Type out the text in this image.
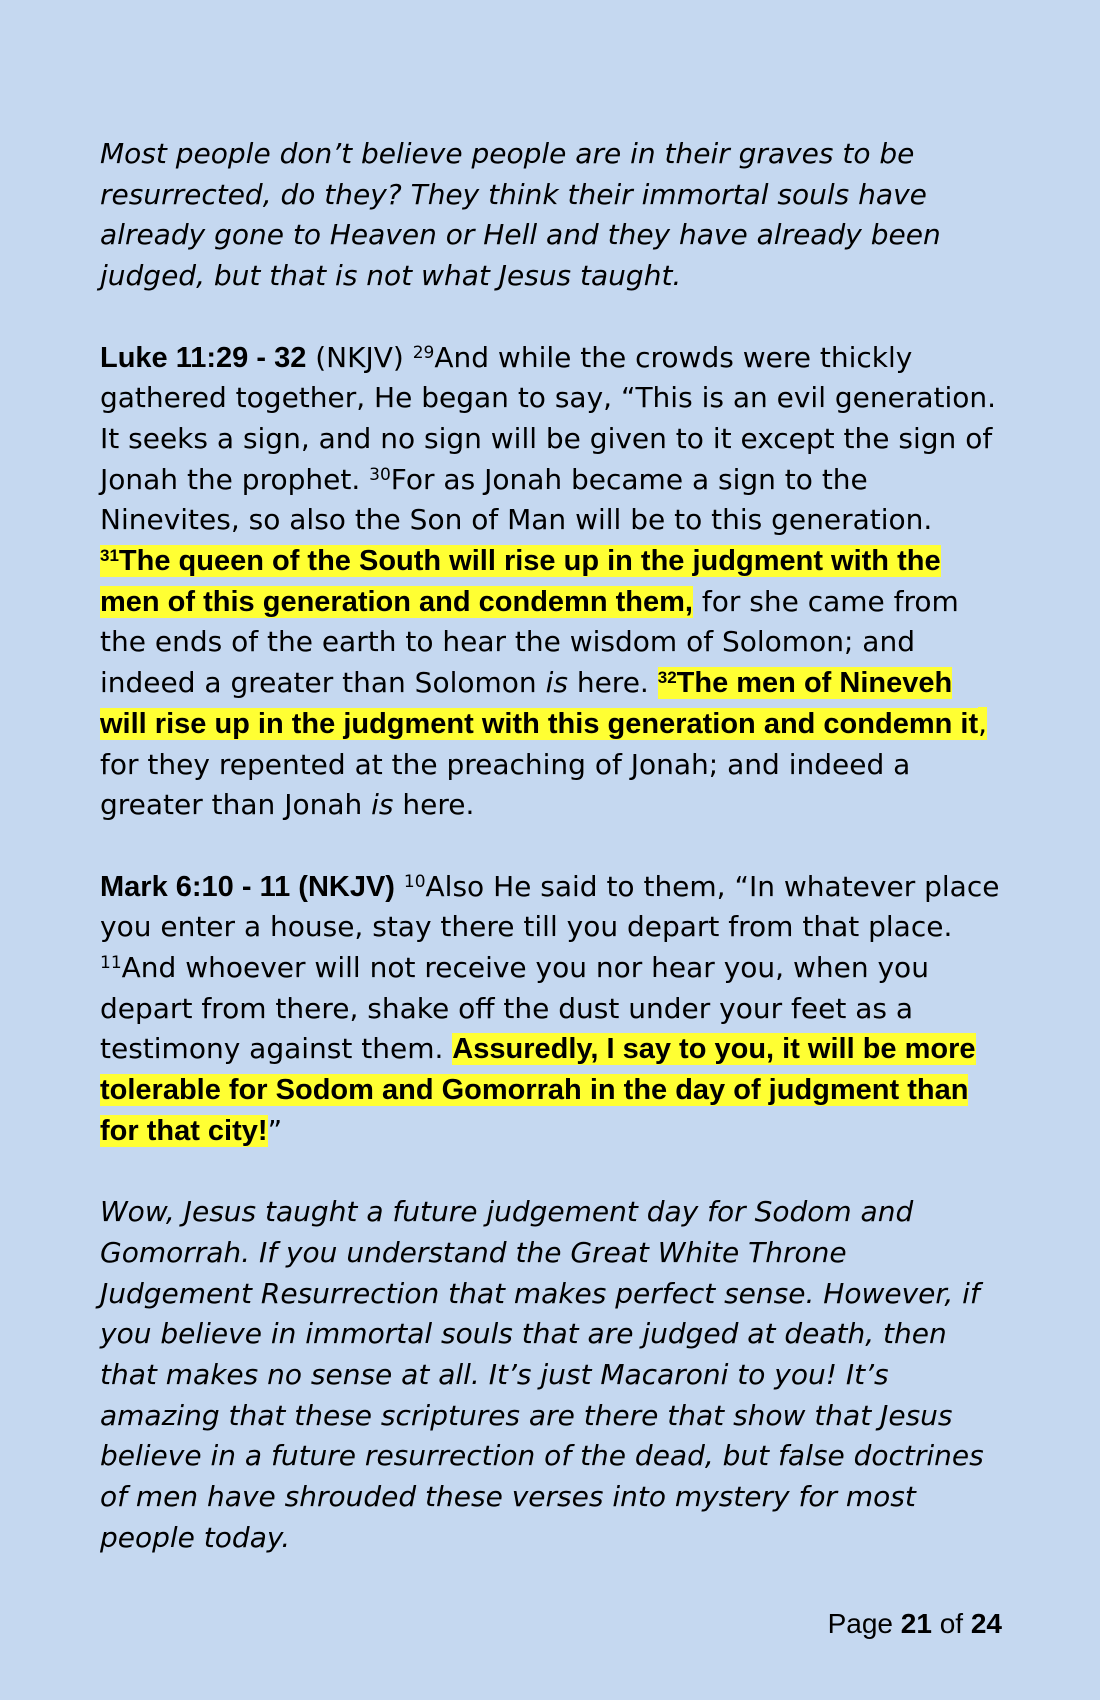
Most people don’t believe people are in their graves to be resurrected, do they? They think their immortal souls have already gone to Heaven or Hell and they have already been judged, but that is not what Jesus taught.

Luke 11:29 - 32 (NKJV) $^{29}$And while the crowds were thickly gathered together, He began to say, “This is an evil generation. It seeks a sign, and no sign will be given to it except the sign of Jonah the prophet. $^{30}$For as Jonah became a sign to the Ninevites, so also the Son of Man will be to this generation. $^{31}$The queen of the South will rise up in the judgment with the men of this generation and condemn them, for she came from the ends of the earth to hear the wisdom of Solomon; and indeed a greater than Solomon is here. $^{32}$The men of Nineveh will rise up in the judgment with this generation and condemn it, for they repented at the preaching of Jonah; and indeed a greater than Jonah is here.

Mark 6:10 - 11 (NKJV) $^{10}$Also He said to them, “In whatever place you enter a house, stay there till you depart from that place. $^{11}$And whoever will not receive you nor hear you, when you depart from there, shake off the dust under your feet as a testimony against them. Assuredly, I say to you, it will be more tolerable for Sodom and Gomorrah in the day of judgment than for that city!”

Wow, Jesus taught a future judgement day for Sodom and Gomorrah. If you understand the Great White Throne Judgement Resurrection that makes perfect sense. However, if you believe in immortal souls that are judged at death, then that makes no sense at all. It’s just Macaroni to you! It’s amazing that these scriptures are there that show that Jesus believe in a future resurrection of the dead, but false doctrines of men have shrouded these verses into mystery for most people today.

Page 21 of 24
